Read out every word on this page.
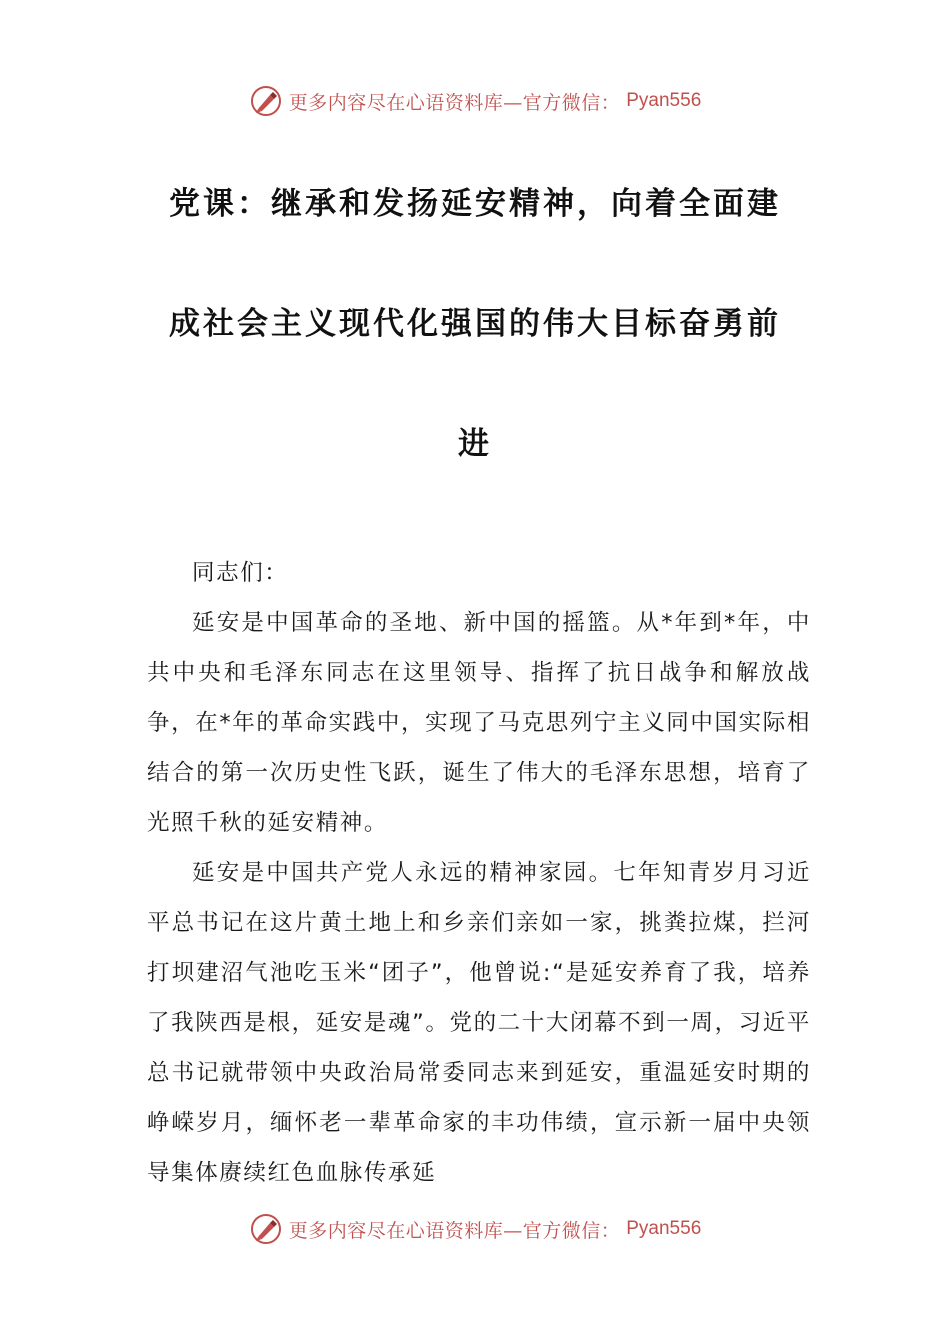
更多内容尽在心语资料库—官方微信： Pyan556
党课：继承和发扬延安精神，向着全面建
成社会主义现代化强国的伟大目标奋勇前
进

同志们：

延安是中国革命的圣地、新中国的摇篮。从*年到*年，中共中央和毛泽东同志在这里领导、指挥了抗日战争和解放战争，在*年的革命实践中，实现了马克思列宁主义同中国实际相结合的第一次历史性飞跃，诞生了伟大的毛泽东思想，培育了光照千秋的延安精神。

延安是中国共产党人永远的精神家园。七年知青岁月习近平总书记在这片黄土地上和乡亲们亲如一家，挑粪拉煤，拦河打坝建沼气池吃玉米“团子”，他曾说:“是延安养育了我，培养了我陕西是根，延安是魂”。党的二十大闭幕不到一周，习近平总书记就带领中央政治局常委同志来到延安，重温延安时期的峥嵘岁月，缅怀老一辈革命家的丰功伟绩，宣示新一届中央领导集体赓续红色血脉传承延

更多内容尽在心语资料库—官方微信： Pyan556
